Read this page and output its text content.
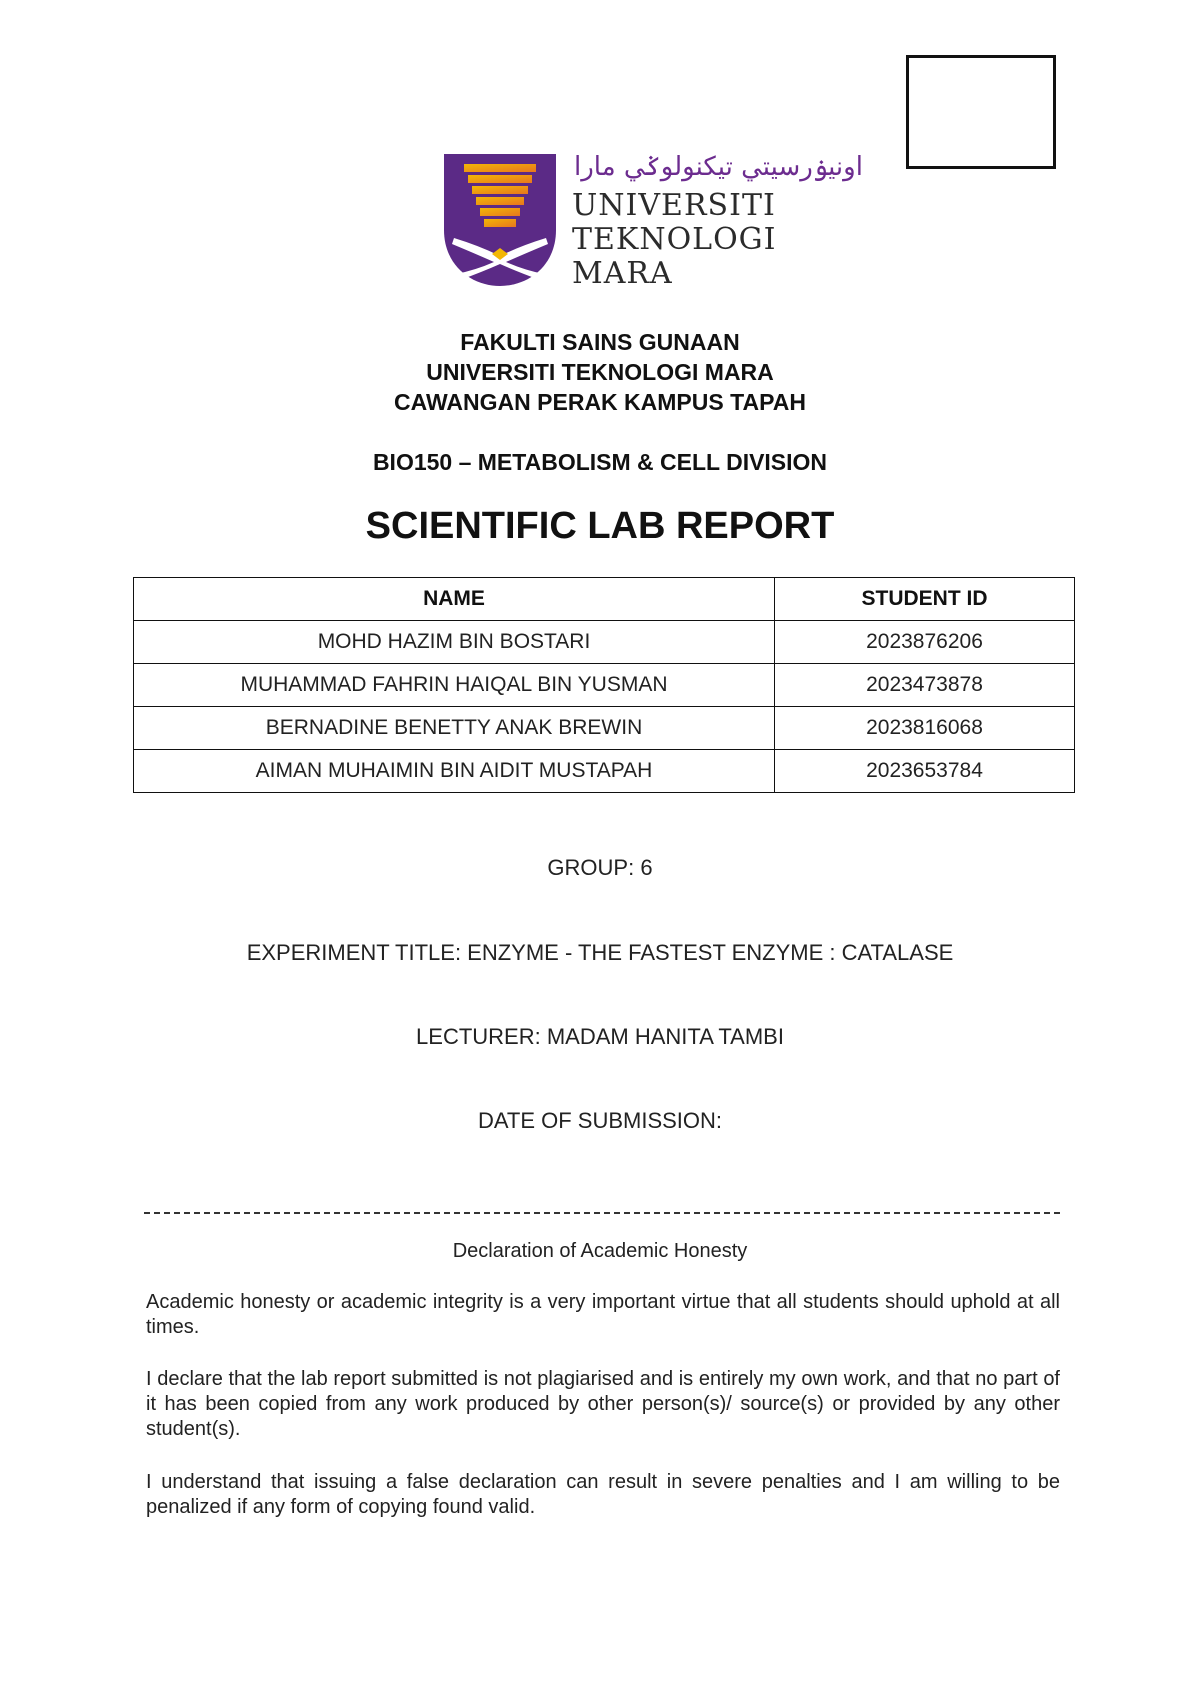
اونيۏرسيتي تيكنولوݢي مارا
UNIVERSITI
TEKNOLOGI
MARA
FAKULTI SAINS GUNAAN
UNIVERSITI TEKNOLOGI MARA
CAWANGAN PERAK KAMPUS TAPAH
BIO150 – METABOLISM & CELL DIVISION
SCIENTIFIC LAB REPORT
NAME	STUDENT ID
MOHD HAZIM BIN BOSTARI	2023876206
MUHAMMAD FAHRIN HAIQAL BIN YUSMAN	2023473878
BERNADINE BENETTY ANAK BREWIN	2023816068
AIMAN MUHAIMIN BIN AIDIT MUSTAPAH	2023653784
GROUP: 6
EXPERIMENT TITLE: ENZYME - THE FASTEST ENZYME : CATALASE
LECTURER: MADAM HANITA TAMBI
DATE OF SUBMISSION:
Declaration of Academic Honesty
Academic honesty or academic integrity is a very important virtue that all students should uphold at all times.
I declare that the lab report submitted is not plagiarised and is entirely my own work, and that no part of it has been copied from any work produced by other person(s)/ source(s) or provided by any other student(s).
I understand that issuing a false declaration can result in severe penalties and I am willing to be penalized if any form of copying found valid.
